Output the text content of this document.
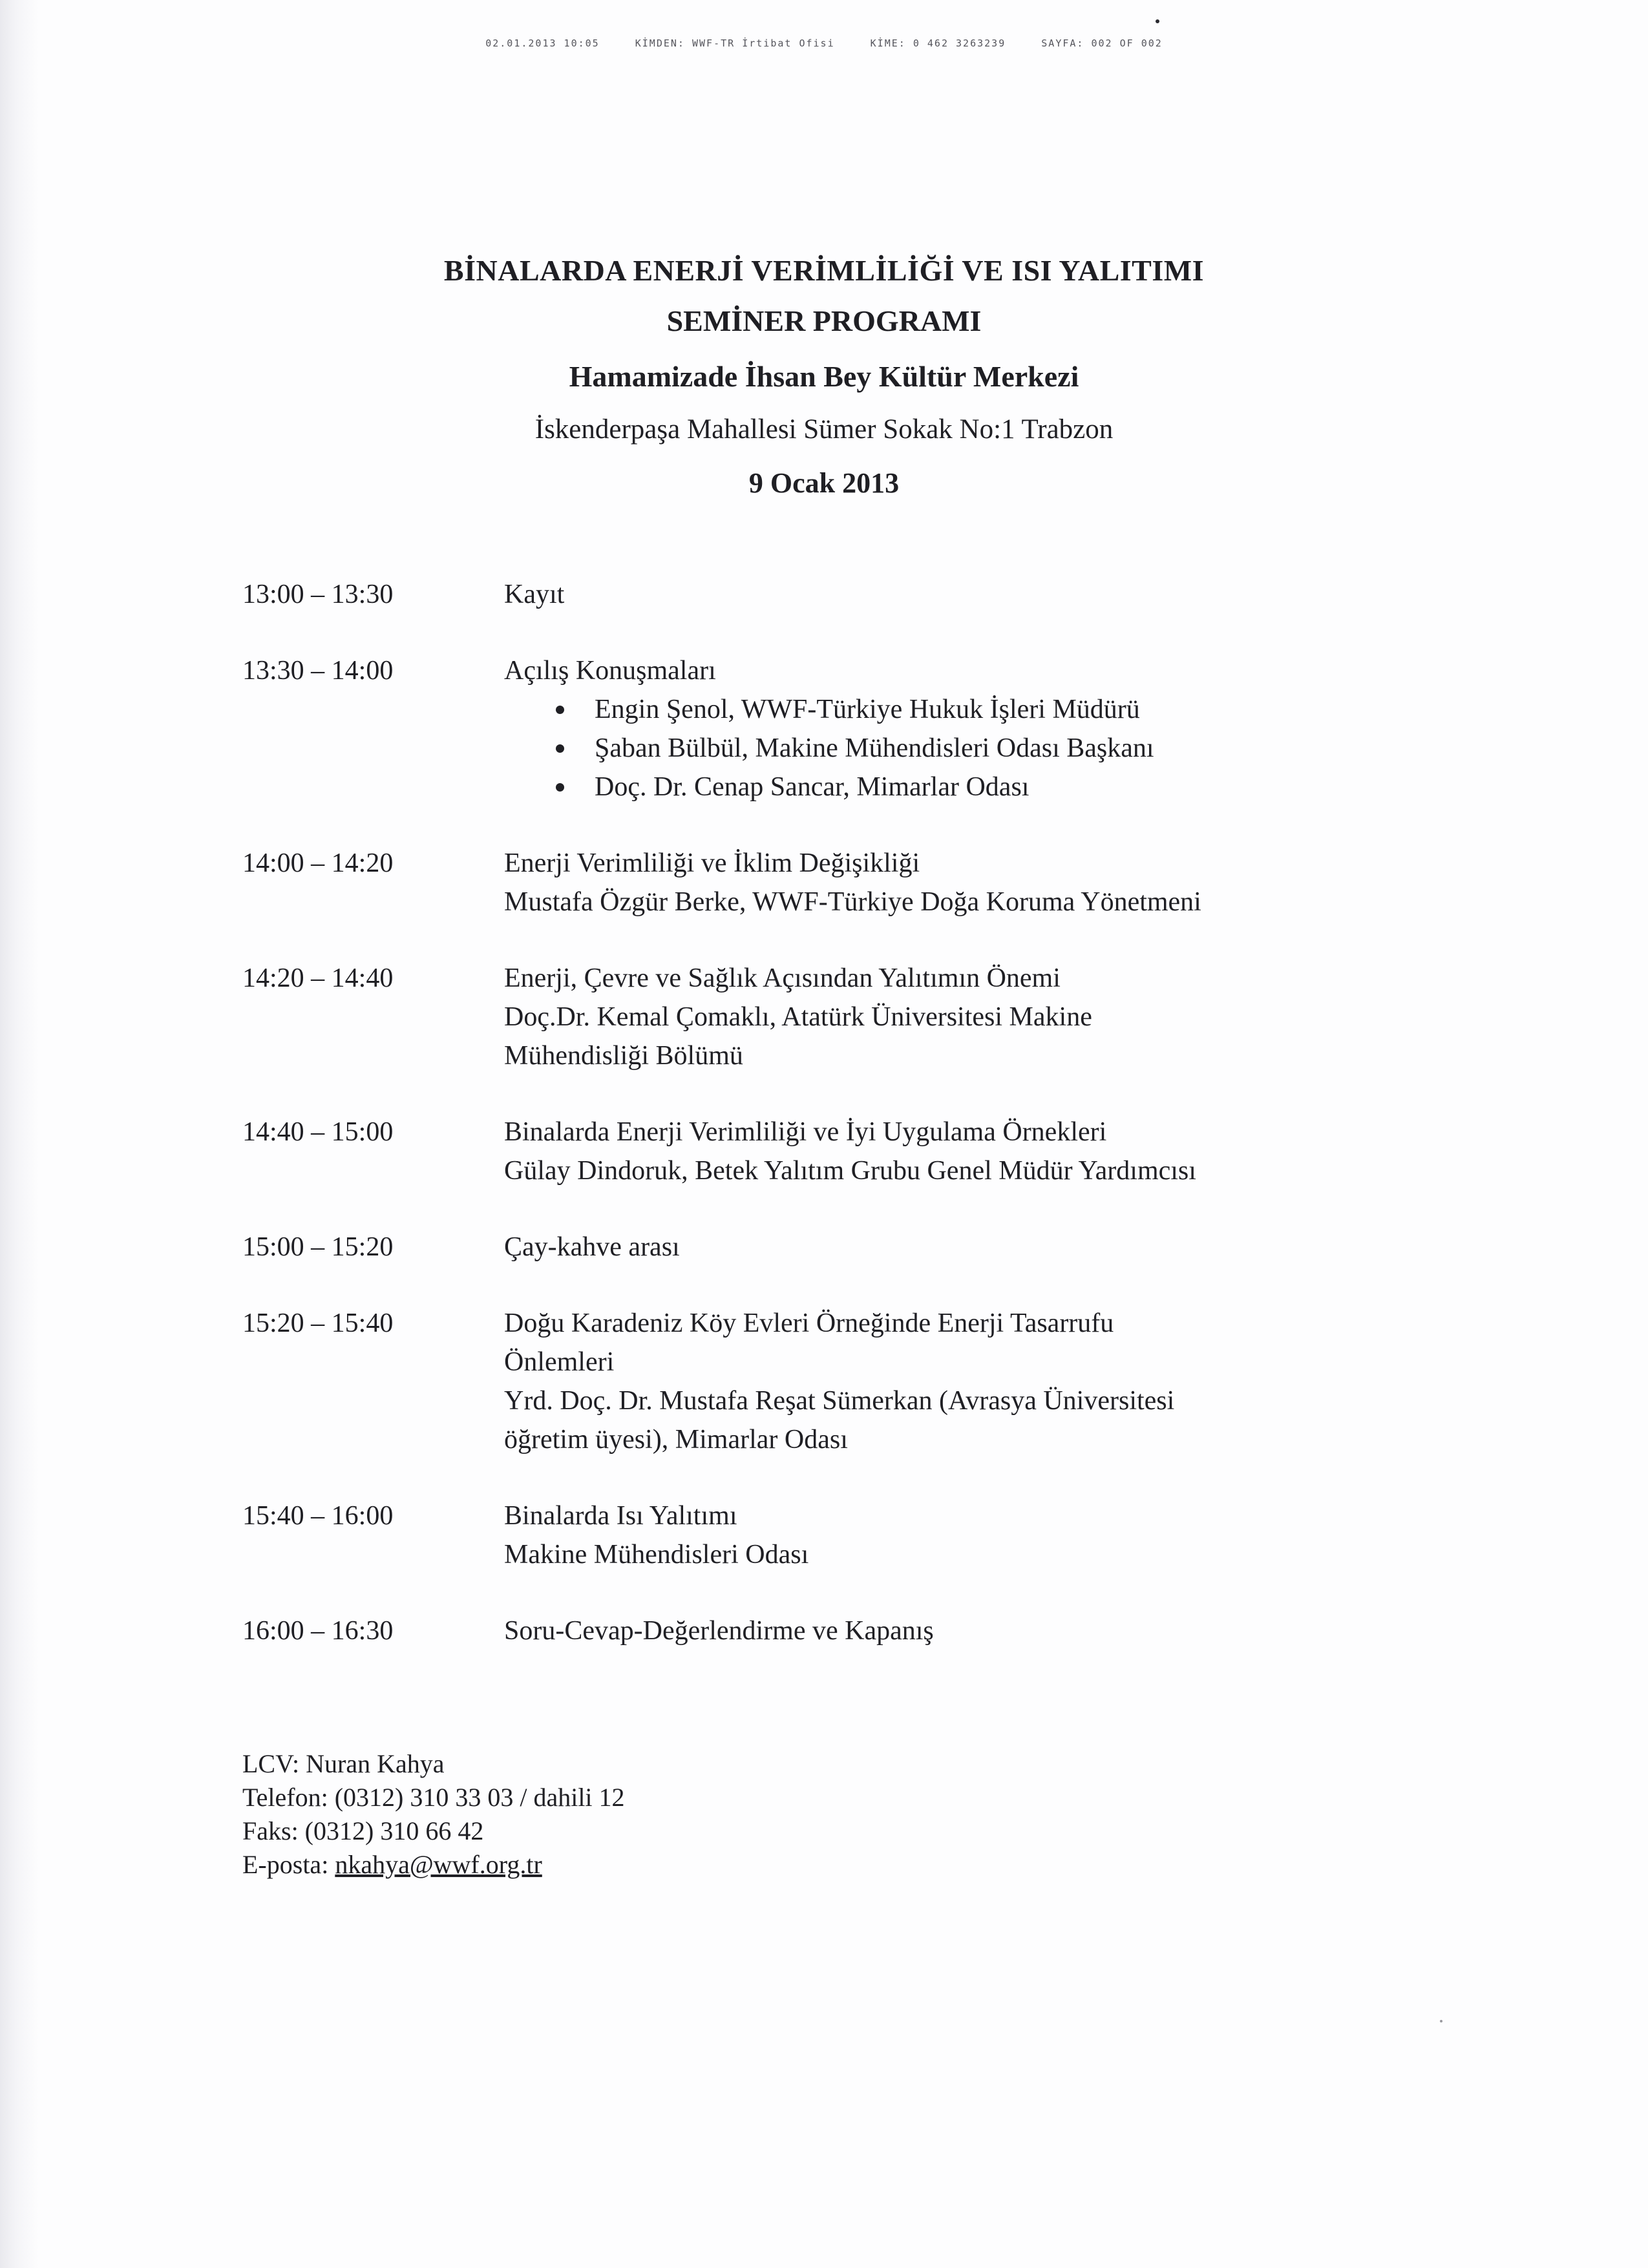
02.01.2013 10:05	KİMDEN: WWF-TR İrtibat Ofisi	KİME: 0 462 3263239	SAYFA: 002 OF 002
BİNALARDA ENERJİ VERİMLİLİĞİ VE ISI YALITIMI
SEMİNER PROGRAMI
Hamamizade İhsan Bey Kültür Merkezi
İskenderpaşa Mahallesi Sümer Sokak No:1 Trabzon
9 Ocak 2013
13:00 – 13:30	Kayıt
13:30 – 14:00	Açılış Konuşmaları
Engin Şenol, WWF-Türkiye Hukuk İşleri Müdürü
Şaban Bülbül, Makine Mühendisleri Odası Başkanı
Doç. Dr. Cenap Sancar, Mimarlar Odası
14:00 – 14:20	Enerji Verimliliği ve İklim Değişikliği
Mustafa Özgür Berke, WWF-Türkiye Doğa Koruma Yönetmeni
14:20 – 14:40	Enerji, Çevre ve Sağlık Açısından Yalıtımın Önemi
Doç.Dr. Kemal Çomaklı, Atatürk Üniversitesi Makine
Mühendisliği Bölümü
14:40 – 15:00	Binalarda Enerji Verimliliği ve İyi Uygulama Örnekleri
Gülay Dindoruk, Betek Yalıtım Grubu Genel Müdür Yardımcısı
15:00 – 15:20	Çay-kahve arası
15:20 – 15:40	Doğu Karadeniz Köy Evleri Örneğinde Enerji Tasarrufu
Önlemleri
Yrd. Doç. Dr. Mustafa Reşat Sümerkan (Avrasya Üniversitesi
öğretim üyesi), Mimarlar Odası
15:40 – 16:00	Binalarda Isı Yalıtımı
Makine Mühendisleri Odası
16:00 – 16:30	Soru-Cevap-Değerlendirme ve Kapanış
LCV: Nuran Kahya
Telefon: (0312) 310 33 03 / dahili 12
Faks: (0312) 310 66 42
E-posta: nkahya@wwf.org.tr
